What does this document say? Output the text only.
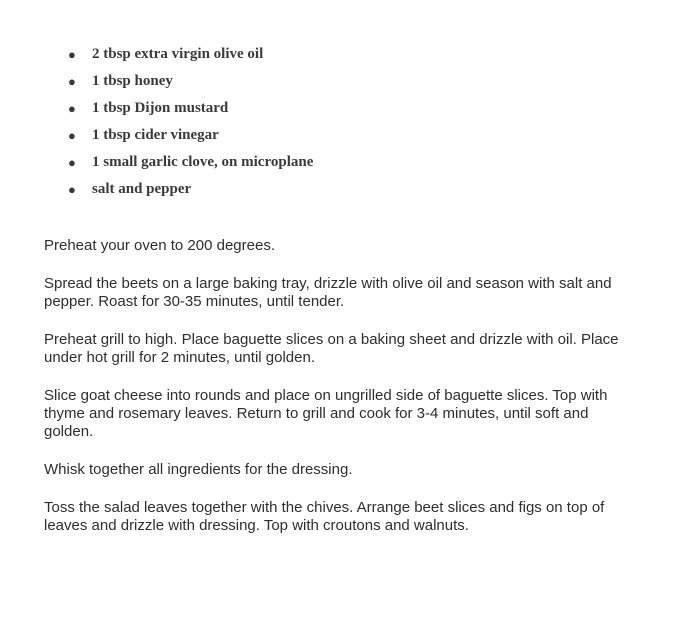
● 2 tbsp extra virgin olive oil
● 1 tbsp honey
● 1 tbsp Dijon mustard
● 1 tbsp cider vinegar
● 1 small garlic clove, on microplane
● salt and pepper

Preheat your oven to 200 degrees.

Spread the beets on a large baking tray, drizzle with olive oil and season with salt and pepper. Roast for 30-35 minutes, until tender.

Preheat grill to high. Place baguette slices on a baking sheet and drizzle with oil. Place under hot grill for 2 minutes, until golden.

Slice goat cheese into rounds and place on ungrilled side of baguette slices. Top with thyme and rosemary leaves. Return to grill and cook for 3-4 minutes, until soft and golden.

Whisk together all ingredients for the dressing.

Toss the salad leaves together with the chives. Arrange beet slices and figs on top of leaves and drizzle with dressing. Top with croutons and walnuts.
